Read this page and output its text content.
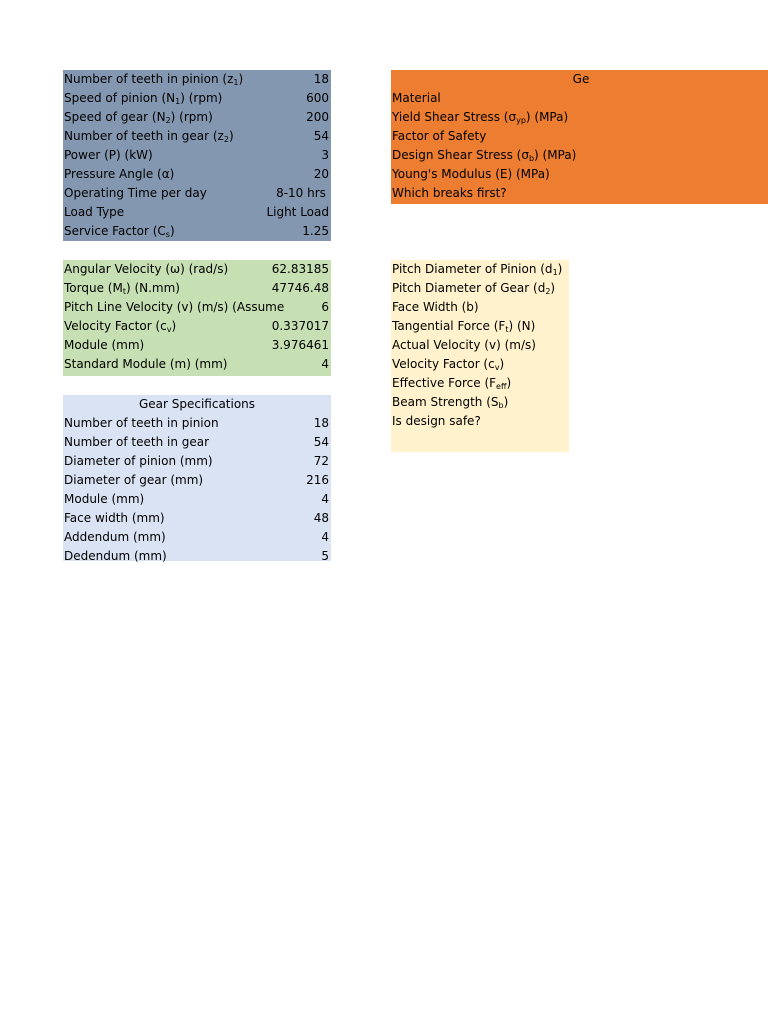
Number of teeth in pinion $(z_1)$	18
Speed of pinion $(N_1)$ (rpm)	600
Speed of gear $(N_2)$ (rpm)	200
Number of teeth in gear $(z_2)$	54
Power (P) (kW)	3
Pressure Angle (α)	20
Operating Time per day	8-10 hrs
Load Type	Light Load
Service Factor $(C_s)$	1.25
Angular Velocity (ω) (rad/s)	62.83185
Torque $(M_t)$ (N.mm)	47746.48
Pitch Line Velocity (v) (m/s) (Assume	6
Velocity Factor $(c_v)$	0.337017
Module (mm)	3.976461
Standard Module (m) (mm)	4
Gear Specifications
Number of teeth in pinion	18
Number of teeth in gear	54
Diameter of pinion (mm)	72
Diameter of gear (mm)	216
Module (mm)	4
Face width (mm)	48
Addendum (mm)	4
Dedendum (mm)	5
Ge
Material
Yield Shear Stress $(\sigma_{yp})$ (MPa)
Factor of Safety
Design Shear Stress $(\sigma_b)$ (MPa)
Young's Modulus (E) (MPa)
Which breaks first?
Pitch Diameter of Pinion $(d_1)$
Pitch Diameter of Gear $(d_2)$
Face Width (b)
Tangential Force $(F_t)$ (N)
Actual Velocity (v) (m/s)
Velocity Factor $(c_v)$
Effective Force $(F_{eff})$
Beam Strength $(S_b)$
Is design safe?
